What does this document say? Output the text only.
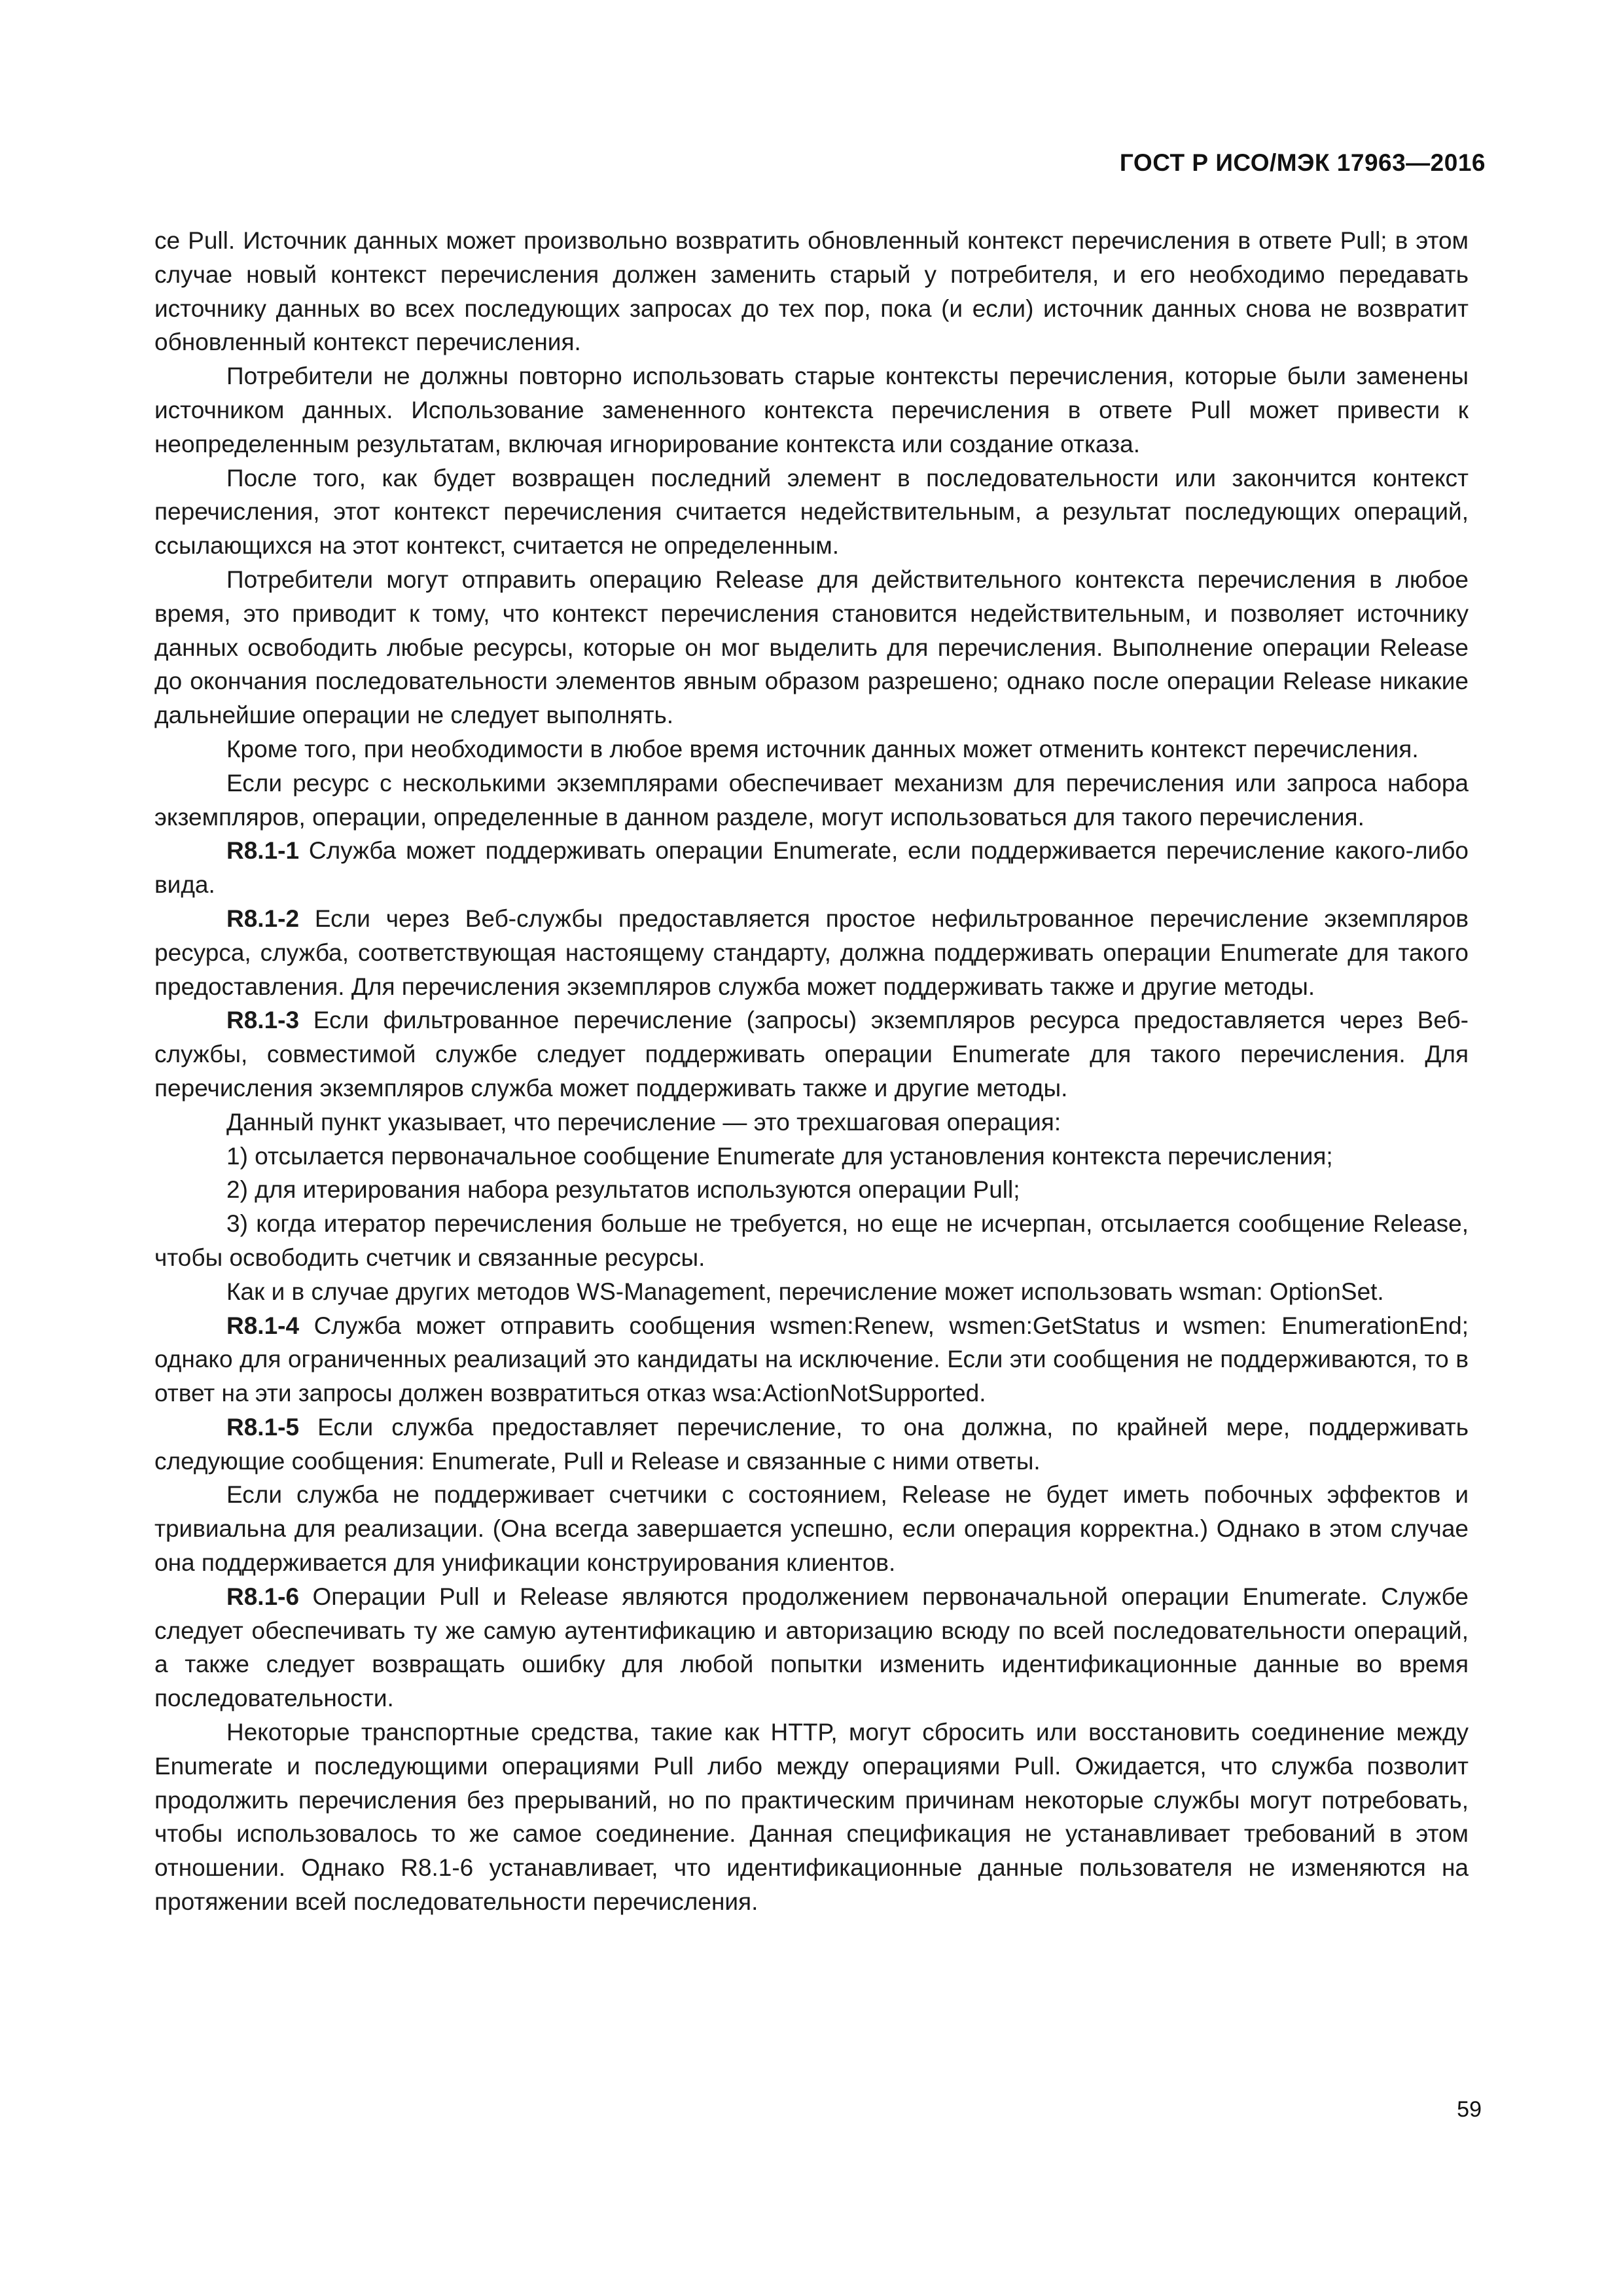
ГОСТ Р ИСО/МЭК 17963—2016

се Pull. Источник данных может произвольно возвратить обновленный контекст перечисления в ответе Pull; в этом случае новый контекст перечисления должен заменить старый у потребителя, и его необходимо передавать источнику данных во всех последующих запросах до тех пор, пока (и если) источник данных снова не возвратит обновленный контекст перечисления.

Потребители не должны повторно использовать старые контексты перечисления, которые были заменены источником данных. Использование замененного контекста перечисления в ответе Pull может привести к неопределенным результатам, включая игнорирование контекста или создание отказа.

После того, как будет возвращен последний элемент в последовательности или закончится контекст перечисления, этот контекст перечисления считается недействительным, а результат последующих операций, ссылающихся на этот контекст, считается не определенным.

Потребители могут отправить операцию Release для действительного контекста перечисления в любое время, это приводит к тому, что контекст перечисления становится недействительным, и позволяет источнику данных освободить любые ресурсы, которые он мог выделить для перечисления. Выполнение операции Release до окончания последовательности элементов явным образом разрешено; однако после операции Release никакие дальнейшие операции не следует выполнять.

Кроме того, при необходимости в любое время источник данных может отменить контекст перечисления.

Если ресурс с несколькими экземплярами обеспечивает механизм для перечисления или запроса набора экземпляров, операции, определенные в данном разделе, могут использоваться для такого перечисления.

R8.1-1 Служба может поддерживать операции Enumerate, если поддерживается перечисление какого-либо вида.

R8.1-2 Если через Веб-службы предоставляется простое нефильтрованное перечисление экземпляров ресурса, служба, соответствующая настоящему стандарту, должна поддерживать операции Enumerate для такого предоставления. Для перечисления экземпляров служба может поддерживать также и другие методы.

R8.1-3 Если фильтрованное перечисление (запросы) экземпляров ресурса предоставляется через Веб-службы, совместимой службе следует поддерживать операции Enumerate для такого перечисления. Для перечисления экземпляров служба может поддерживать также и другие методы.

Данный пункт указывает, что перечисление — это трехшаговая операция:

1) отсылается первоначальное сообщение Enumerate для установления контекста перечисления;

2) для итерирования набора результатов используются операции Pull;

3) когда итератор перечисления больше не требуется, но еще не исчерпан, отсылается сообщение Release, чтобы освободить счетчик и связанные ресурсы.

Как и в случае других методов WS-Management, перечисление может использовать wsman: OptionSet.

R8.1-4 Служба может отправить сообщения wsmen:Renew, wsmen:GetStatus и wsmen: EnumerationEnd; однако для ограниченных реализаций это кандидаты на исключение. Если эти сообщения не поддерживаются, то в ответ на эти запросы должен возвратиться отказ wsa:ActionNotSupported.

R8.1-5 Если служба предоставляет перечисление, то она должна, по крайней мере, поддерживать следующие сообщения: Enumerate, Pull и Release и связанные с ними ответы.

Если служба не поддерживает счетчики с состоянием, Release не будет иметь побочных эффектов и тривиальна для реализации. (Она всегда завершается успешно, если операция корректна.) Однако в этом случае она поддерживается для унификации конструирования клиентов.

R8.1-6 Операции Pull и Release являются продолжением первоначальной операции Enumerate. Службе следует обеспечивать ту же самую аутентификацию и авторизацию всюду по всей последовательности операций, а также следует возвращать ошибку для любой попытки изменить идентификационные данные во время последовательности.

Некоторые транспортные средства, такие как HTTP, могут сбросить или восстановить соединение между Enumerate и последующими операциями Pull либо между операциями Pull. Ожидается, что служба позволит продолжить перечисления без прерываний, но по практическим причинам некоторые службы могут потребовать, чтобы использовалось то же самое соединение. Данная спецификация не устанавливает требований в этом отношении. Однако R8.1-6 устанавливает, что идентификационные данные пользователя не изменяются на протяжении всей последовательности перечисления.

59
